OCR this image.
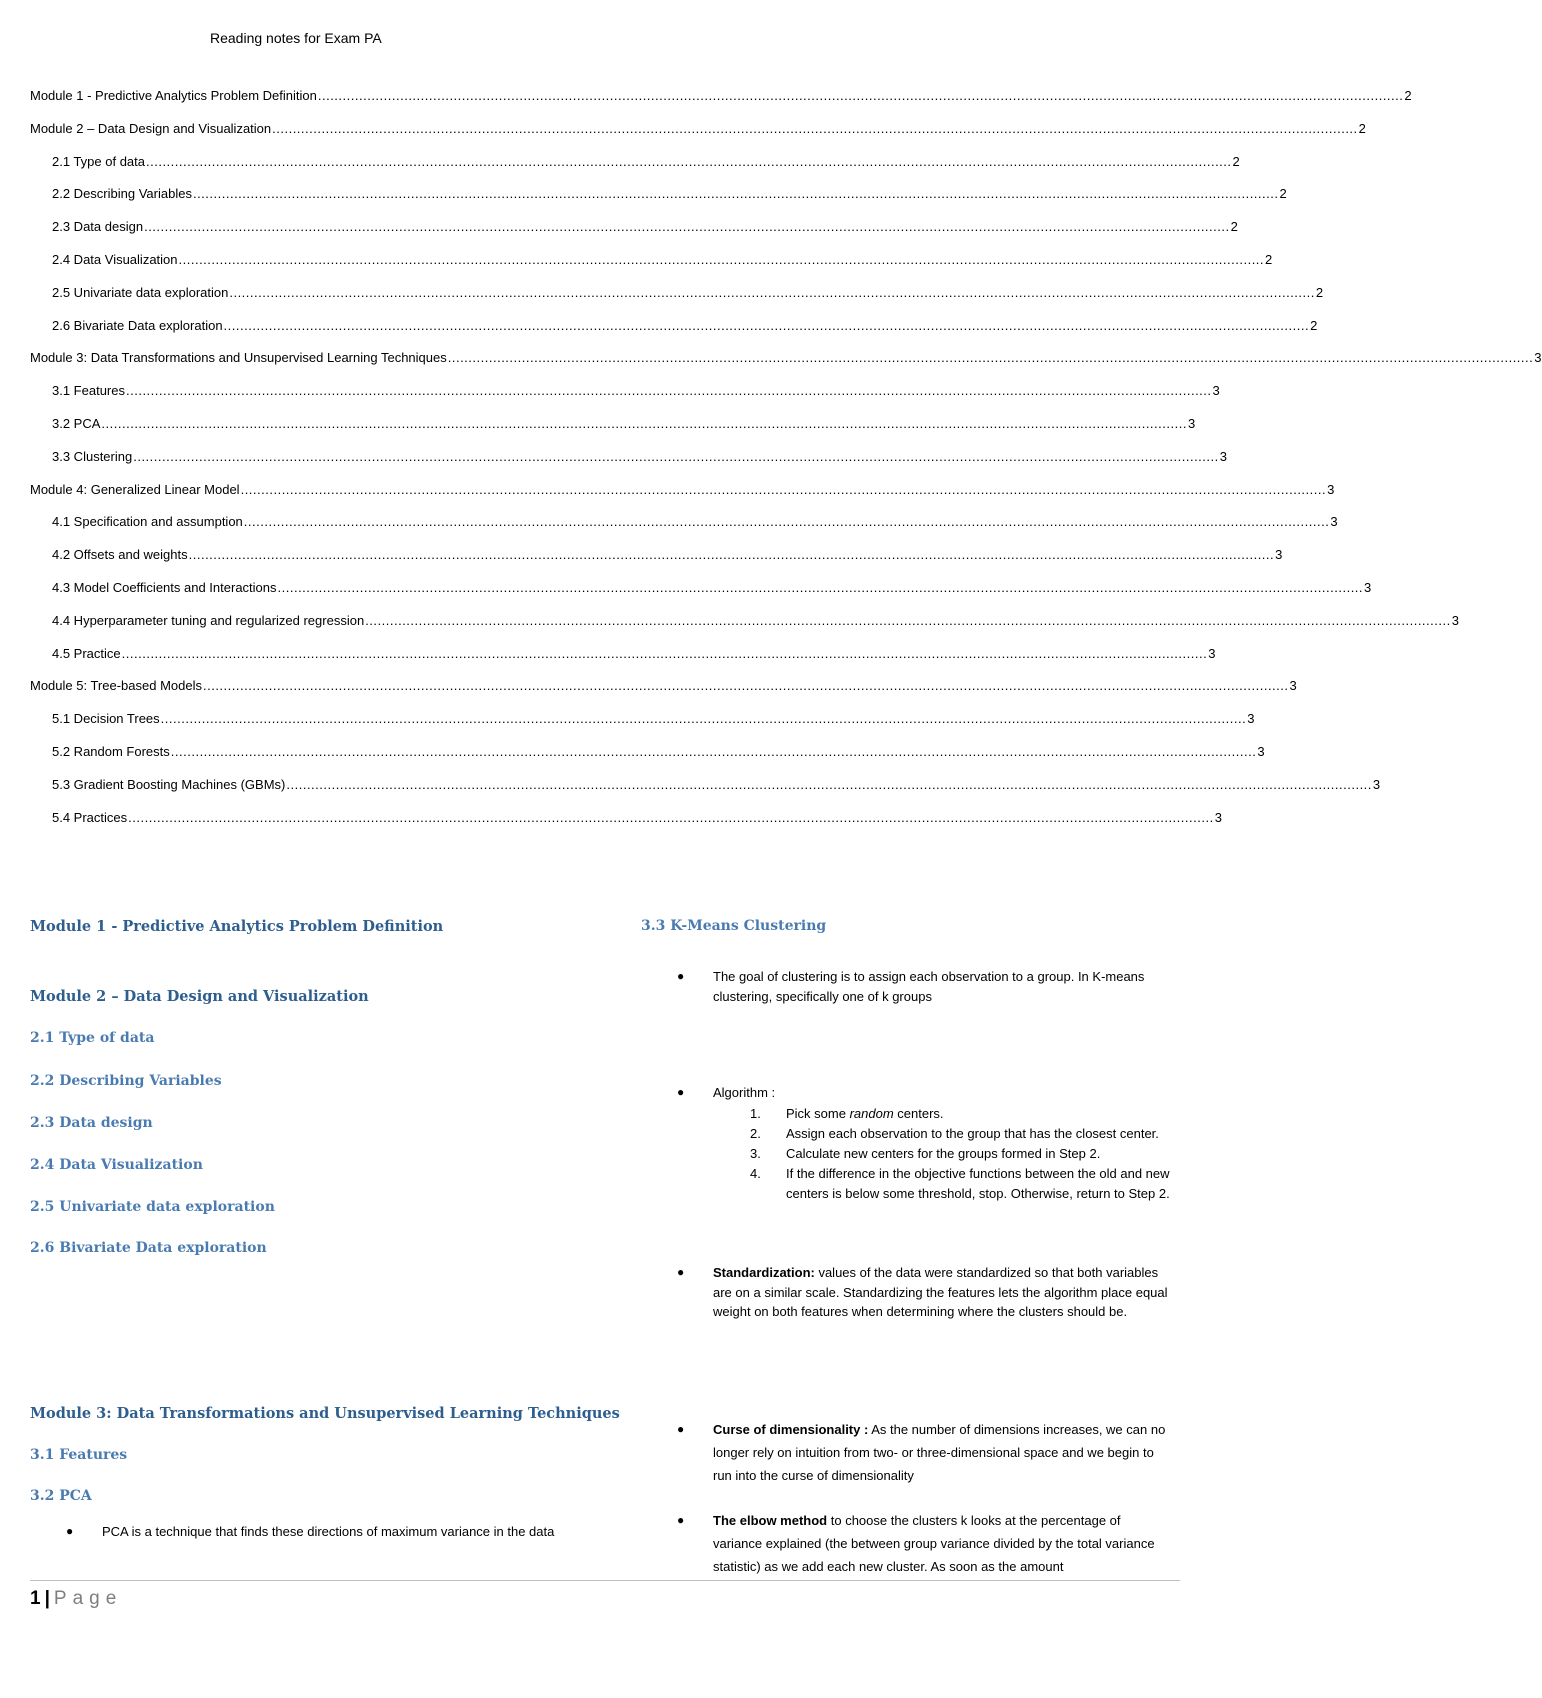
Reading notes for Exam PA
Module 1 - Predictive Analytics Problem Definition .....	2
Module 2 – Data Design and Visualization .....	2
2.1 Type of data .....	2
2.2 Describing Variables .....	2
2.3 Data design .....	2
2.4 Data Visualization .....	2
2.5 Univariate data exploration .....	2
2.6 Bivariate Data exploration .....	2
Module 3: Data Transformations and Unsupervised Learning Techniques .....	3
3.1 Features .....	3
3.2 PCA .....	3
3.3 Clustering .....	3
Module 4: Generalized Linear Model .....	3
4.1 Specification and assumption .....	3
4.2 Offsets and weights .....	3
4.3 Model Coefficients and Interactions .....	3
4.4 Hyperparameter tuning and regularized regression .....	3
4.5 Practice .....	3
Module 5: Tree-based Models .....	3
5.1 Decision Trees .....	3
5.2 Random Forests .....	3
5.3 Gradient Boosting Machines (GBMs) .....	3
5.4 Practices .....	3
Module 1 - Predictive Analytics Problem Definition
Module 2 – Data Design and Visualization
2.1 Type of data
2.2 Describing Variables
2.3 Data design
2.4 Data Visualization
2.5 Univariate data exploration
2.6 Bivariate Data exploration
Module 3: Data Transformations and Unsupervised Learning Techniques
3.1 Features
3.2 PCA
● PCA is a technique that finds these directions of maximum variance in the data
3.3 K-Means Clustering
● The goal of clustering is to assign each observation to a group. In K-means clustering, specifically one of k groups
● Algorithm :
1. Pick some random centers.
2. Assign each observation to the group that has the closest center.
3. Calculate new centers for the groups formed in Step 2.
4. If the difference in the objective functions between the old and new centers is below some threshold, stop. Otherwise, return to Step 2.
● Standardization: values of the data were standardized so that both variables are on a similar scale. Standardizing the features lets the algorithm place equal weight on both features when determining where the clusters should be.
● Curse of dimensionality : As the number of dimensions increases, we can no longer rely on intuition from two- or three-dimensional space and we begin to run into the curse of dimensionality
● The elbow method to choose the clusters k looks at the percentage of variance explained (the between group variance divided by the total variance statistic) as we add each new cluster. As soon as the amount
1 | Page
